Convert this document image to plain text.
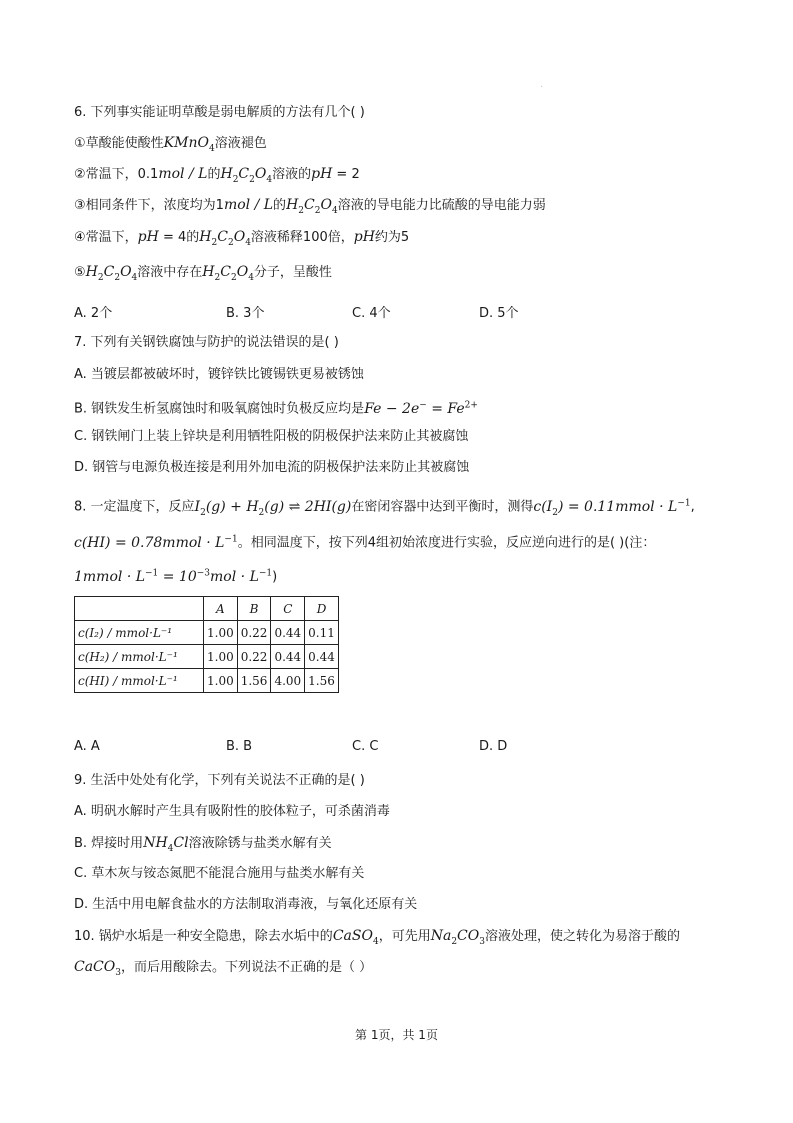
·
6. 下列事实能证明草酸是弱电解质的方法有几个( )
①草酸能使酸性KMnO$_4$溶液褪色
②常温下，0.1mol / L的$H_2C_2O_4$溶液的pH = 2
③相同条件下，浓度均为1mol / L的$H_2C_2O_4$溶液的导电能力比硫酸的导电能力弱
④常温下，pH = 4的$H_2C_2O_4$溶液稀释100倍，pH约为5
$⑤H_2C_2O_4$溶液中存在$H_2C_2O_4$分子，呈酸性
A. 2个	B. 3个	C. 4个	D. 5个
7. 下列有关钢铁腐蚀与防护的说法错误的是( )
A. 当镀层都被破坏时，镀锌铁比镀锡铁更易被锈蚀
B. 钢铁发生析氢腐蚀时和吸氧腐蚀时负极反应均是$Fe - 2e^- = Fe^{2+}$
C. 钢铁闸门上装上锌块是利用牺牲阳极的阴极保护法来防止其被腐蚀
D. 钢管与电源负极连接是利用外加电流的阴极保护法来防止其被腐蚀
8. 一定温度下，反应$I_2(g) + H_2(g)$ ⇌ 2HI(g)在密闭容器中达到平衡时，测得$c(I_2)$ = 0.11mmol · $L^{-1}$,
c(HI) = 0.78mmol · $L^{-1}$。相同温度下，按下列4组初始浓度进行实验，反应逆向进行的是( )(注：
1mmol · $L^{-1} = 10^{-3}mol \cdot L^{-1}$)
	A	B	C	D
c(I₂) / mmol·L⁻¹	1.00	0.22	0.44	0.11
c(H₂) / mmol·L⁻¹	1.00	0.22	0.44	0.44
c(HI) / mmol·L⁻¹	1.00	1.56	4.00	1.56
A. A	B. B	C. C	D. D
9. 生活中处处有化学，下列有关说法不正确的是( )
A. 明矾水解时产生具有吸附性的胶体粒子，可杀菌消毒
B. 焊接时用$NH_4Cl$溶液除锈与盐类水解有关
C. 草木灰与铵态氮肥不能混合施用与盐类水解有关
D. 生活中用电解食盐水的方法制取消毒液，与氧化还原有关
10. 锅炉水垢是一种安全隐患，除去水垢中的CaSO$_4$，可先用$Na_2CO_3$溶液处理，使之转化为易溶于酸的
CaCO$_3$，而后用酸除去。下列说法不正确的是（ ）
第 1页，共 1页
